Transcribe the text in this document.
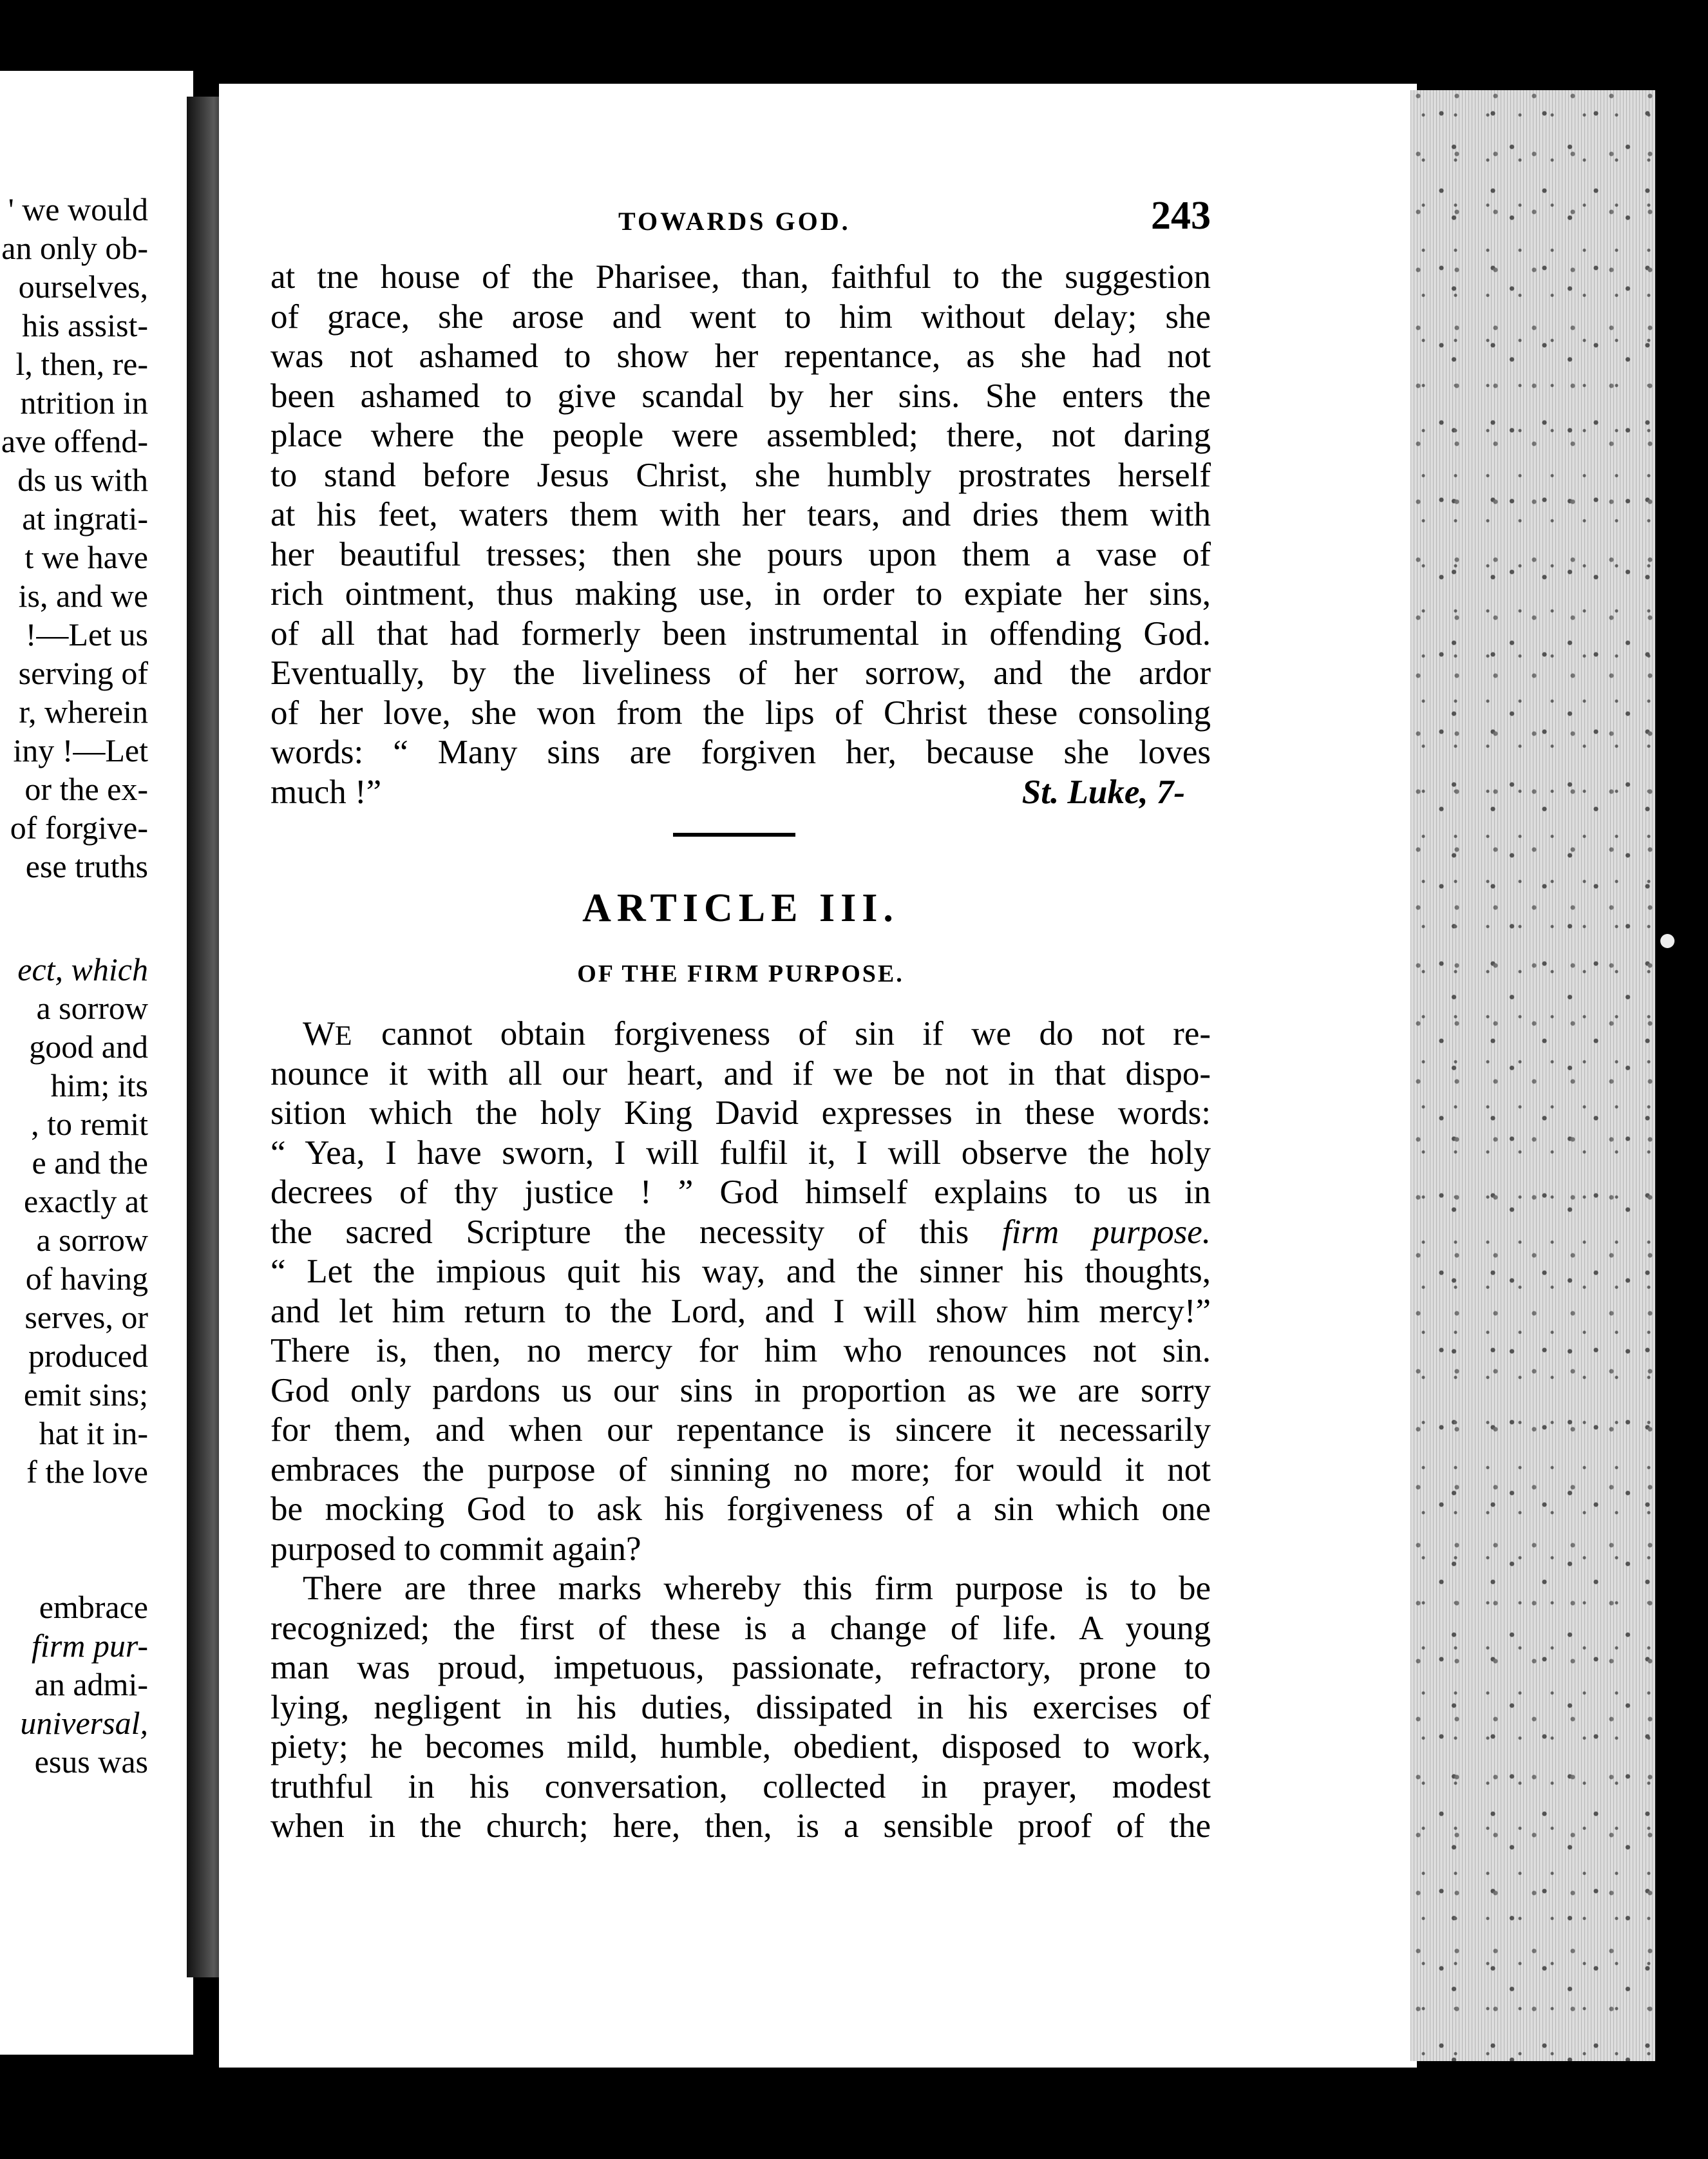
' we would
an only ob-
ourselves,
his assist-
l, then, re-
ntrition in
ave offend-
ds us with
at ingrati-
t we have
is, and we
!—Let us
serving of
r, wherein
iny !—Let
or the ex-
of forgive-
ese truths
ect, which
a sorrow
good and
him; its
, to remit
e and the
exactly at
a sorrow
of having
serves, or
produced
emit sins;
hat it in-
f the love
embrace
firm pur-
an admi-
universal,
esus was
TOWARDS GOD.	243
at tne house of the Pharisee, than, faithful to the suggestion
of grace, she arose and went to him without delay; she
was not ashamed to show her repentance, as she had not
been ashamed to give scandal by her sins. She enters the
place where the people were assembled; there, not daring
to stand before Jesus Christ, she humbly prostrates herself
at his feet, waters them with her tears, and dries them with
her beautiful tresses; then she pours upon them a vase of
rich ointment, thus making use, in order to expiate her sins,
of all that had formerly been instrumental in offending God.
Eventually, by the liveliness of her sorrow, and the ardor
of her love, she won from the lips of Christ these consoling
words: “ Many sins are forgiven her, because she loves
much !”	St. Luke, 7-
ARTICLE III.
OF THE FIRM PURPOSE.
WE cannot obtain forgiveness of sin if we do not re-
nounce it with all our heart, and if we be not in that dispo-
sition which the holy King David expresses in these words:
“ Yea, I have sworn, I will fulfil it, I will observe the holy
decrees of thy justice ! ” God himself explains to us in
the sacred Scripture the necessity of this firm purpose.
“ Let the impious quit his way, and the sinner his thoughts,
and let him return to the Lord, and I will show him mercy!”
There is, then, no mercy for him who renounces not sin.
God only pardons us our sins in proportion as we are sorry
for them, and when our repentance is sincere it necessarily
embraces the purpose of sinning no more; for would it not
be mocking God to ask his forgiveness of a sin which one
purposed to commit again?
There are three marks whereby this firm purpose is to be
recognized; the first of these is a change of life. A young
man was proud, impetuous, passionate, refractory, prone to
lying, negligent in his duties, dissipated in his exercises of
piety; he becomes mild, humble, obedient, disposed to work,
truthful in his conversation, collected in prayer, modest
when in the church; here, then, is a sensible proof of the
